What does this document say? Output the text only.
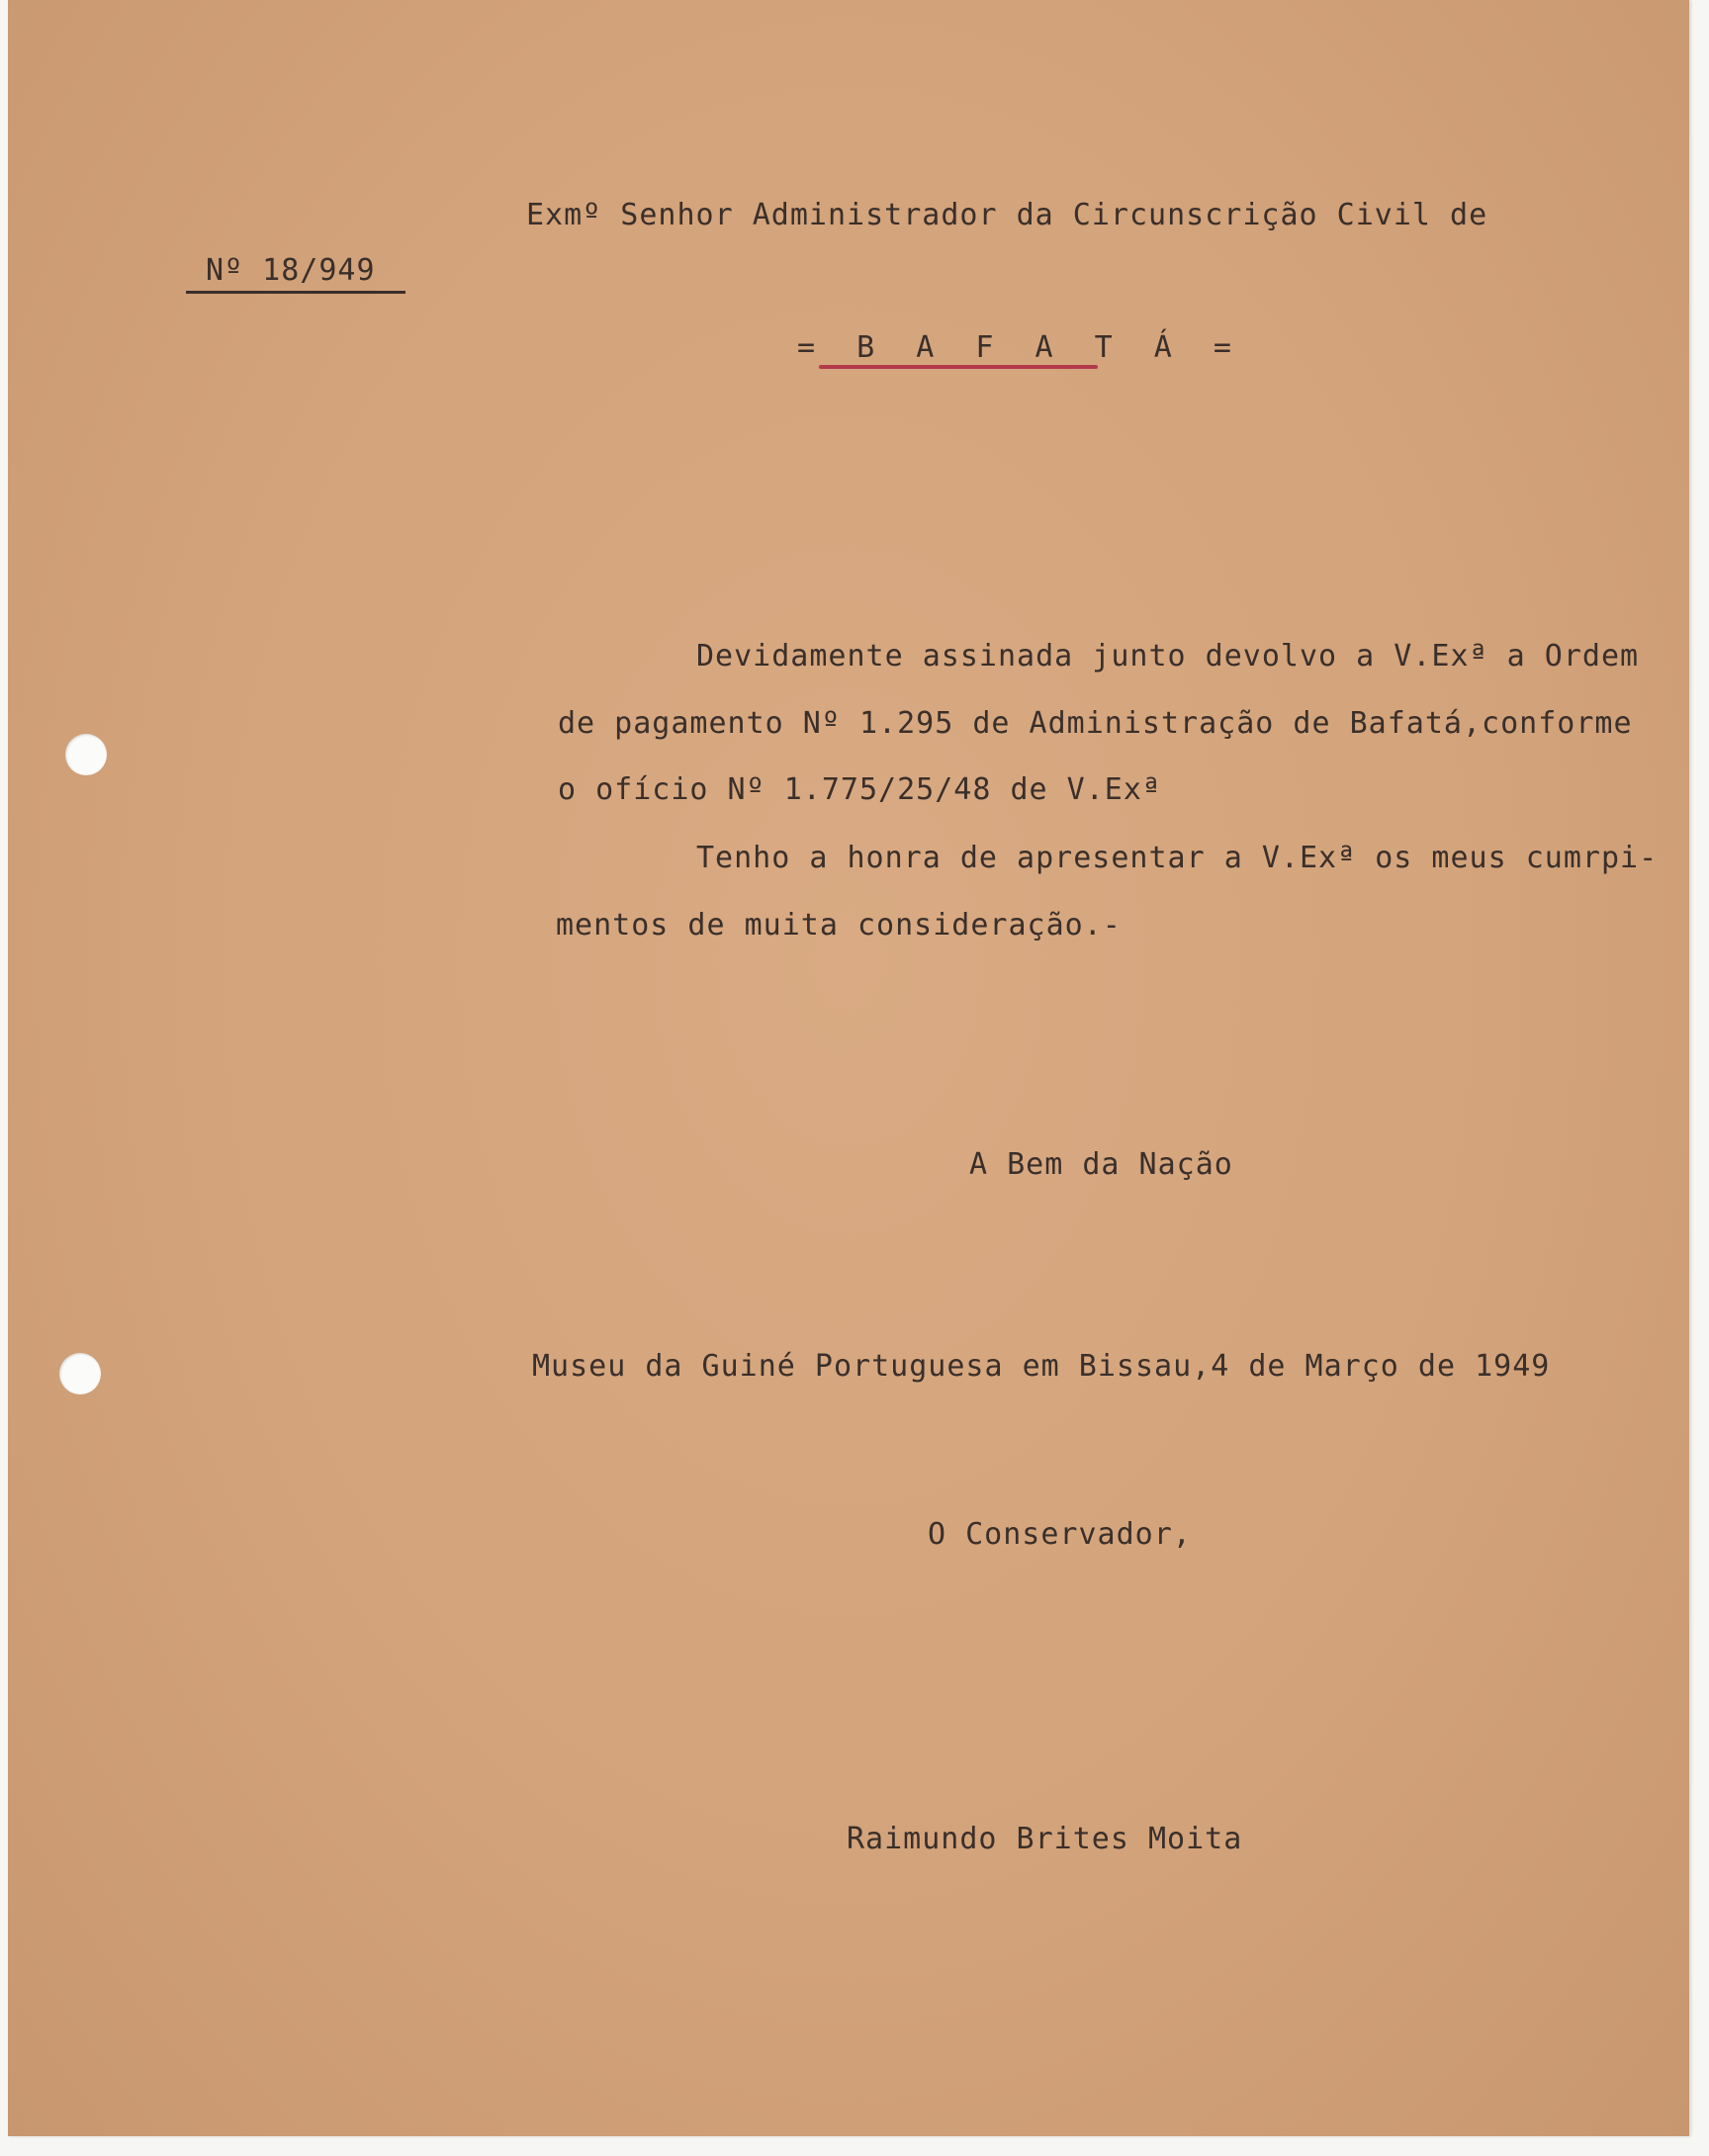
Exmº Senhor Administrador da Circunscrição Civil de
Nº 18/949
= B A F A T Á =
Devidamente assinada junto devolvo a V.Exª a Ordem
de pagamento Nº 1.295 de Administração de Bafatá,conforme
o ofício Nº 1.775/25/48 de V.Exª
Tenho a honra de apresentar a V.Exª os meus cumrpi-
mentos de muita consideração.-
A Bem da Nação
Museu da Guiné Portuguesa em Bissau,4 de Março de 1949
O Conservador,
Raimundo Brites Moita
